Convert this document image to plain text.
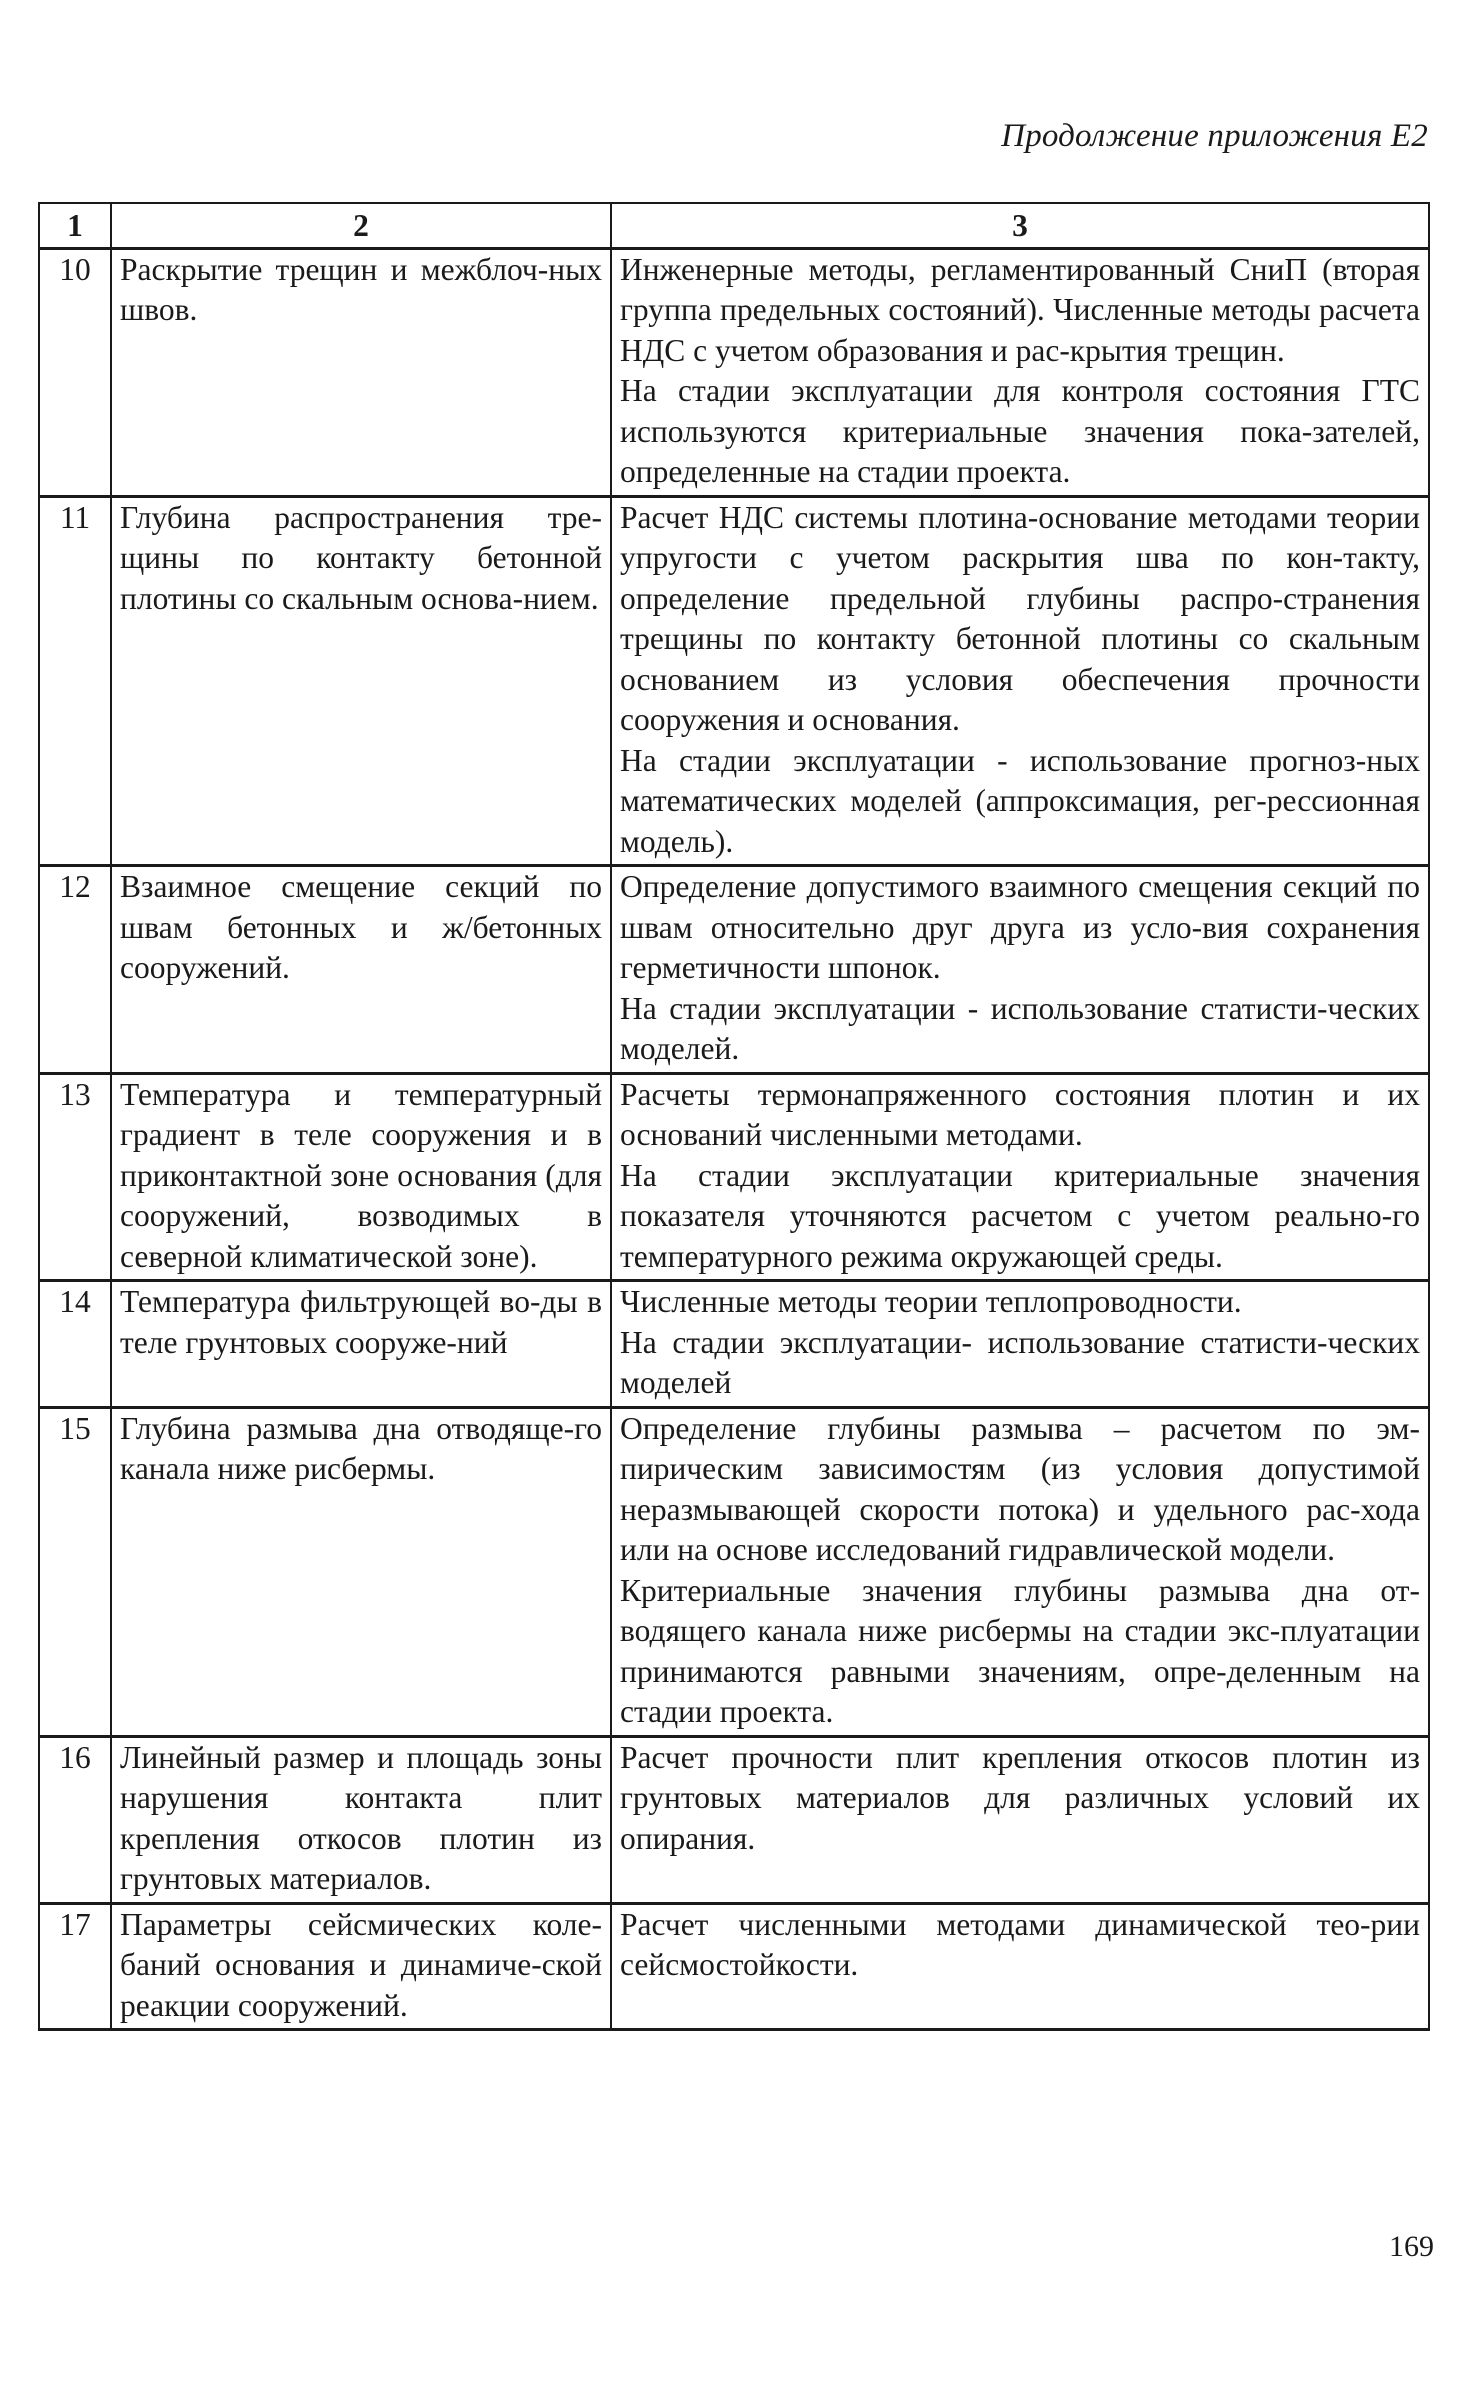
Продолжение приложения Е2
1	2	3
10	Раскрытие трещин и межблоч-ных швов.	Инженерные методы, регламентированный СниП (вторая группа предельных состояний). Численные методы расчета НДС с учетом образования и рас-крытия трещин.
На стадии эксплуатации для контроля состояния ГТС используются критериальные значения пока-зателей, определенные на стадии проекта.

11	Глубина распространения тре-щины по контакту бетонной плотины со скальным основа-нием.	Расчет НДС системы плотина-основание методами теории упругости с учетом раскрытия шва по кон-такту, определение предельной глубины распро-странения трещины по контакту бетонной плотины со скальным основанием из условия обеспечения прочности сооружения и основания.
На стадии эксплуатации - использование прогноз-ных математических моделей (аппроксимация, рег-рессионная модель).

12	Взаимное смещение секций по швам бетонных и ж/бетонных сооружений.	Определение допустимого взаимного смещения секций по швам относительно друг друга из усло-вия сохранения герметичности шпонок.
На стадии эксплуатации - использование статисти-ческих моделей.

13	Температура и температурный градиент в теле сооружения и в приконтактной зоне основания (для сооружений, возводимых в северной климатической зоне).	Расчеты термонапряженного состояния плотин и их оснований численными методами.
На стадии эксплуатации критериальные значения показателя уточняются расчетом с учетом реально-го температурного режима окружающей среды.

14	Температура фильтрующей во-ды в теле грунтовых сооруже-ний	Численные методы теории теплопроводности.
На стадии эксплуатации- использование статисти-ческих моделей

15	Глубина размыва дна отводяще-го канала ниже рисбермы.	Определение глубины размыва – расчетом по эм-пирическим зависимостям (из условия допустимой неразмывающей скорости потока) и удельного рас-хода или на основе исследований гидравлической модели.
Критериальные значения глубины размыва дна от-водящего канала ниже рисбермы на стадии экс-плуатации принимаются равными значениям, опре-деленным на стадии проекта.

16	Линейный размер и площадь зоны нарушения контакта плит крепления откосов плотин из грунтовых материалов.	Расчет прочности плит крепления откосов плотин из грунтовых материалов для различных условий их опирания.

17	Параметры сейсмических коле-баний основания и динамиче-ской реакции сооружений.	Расчет численными методами динамической тео-рии сейсмостойкости.
169
